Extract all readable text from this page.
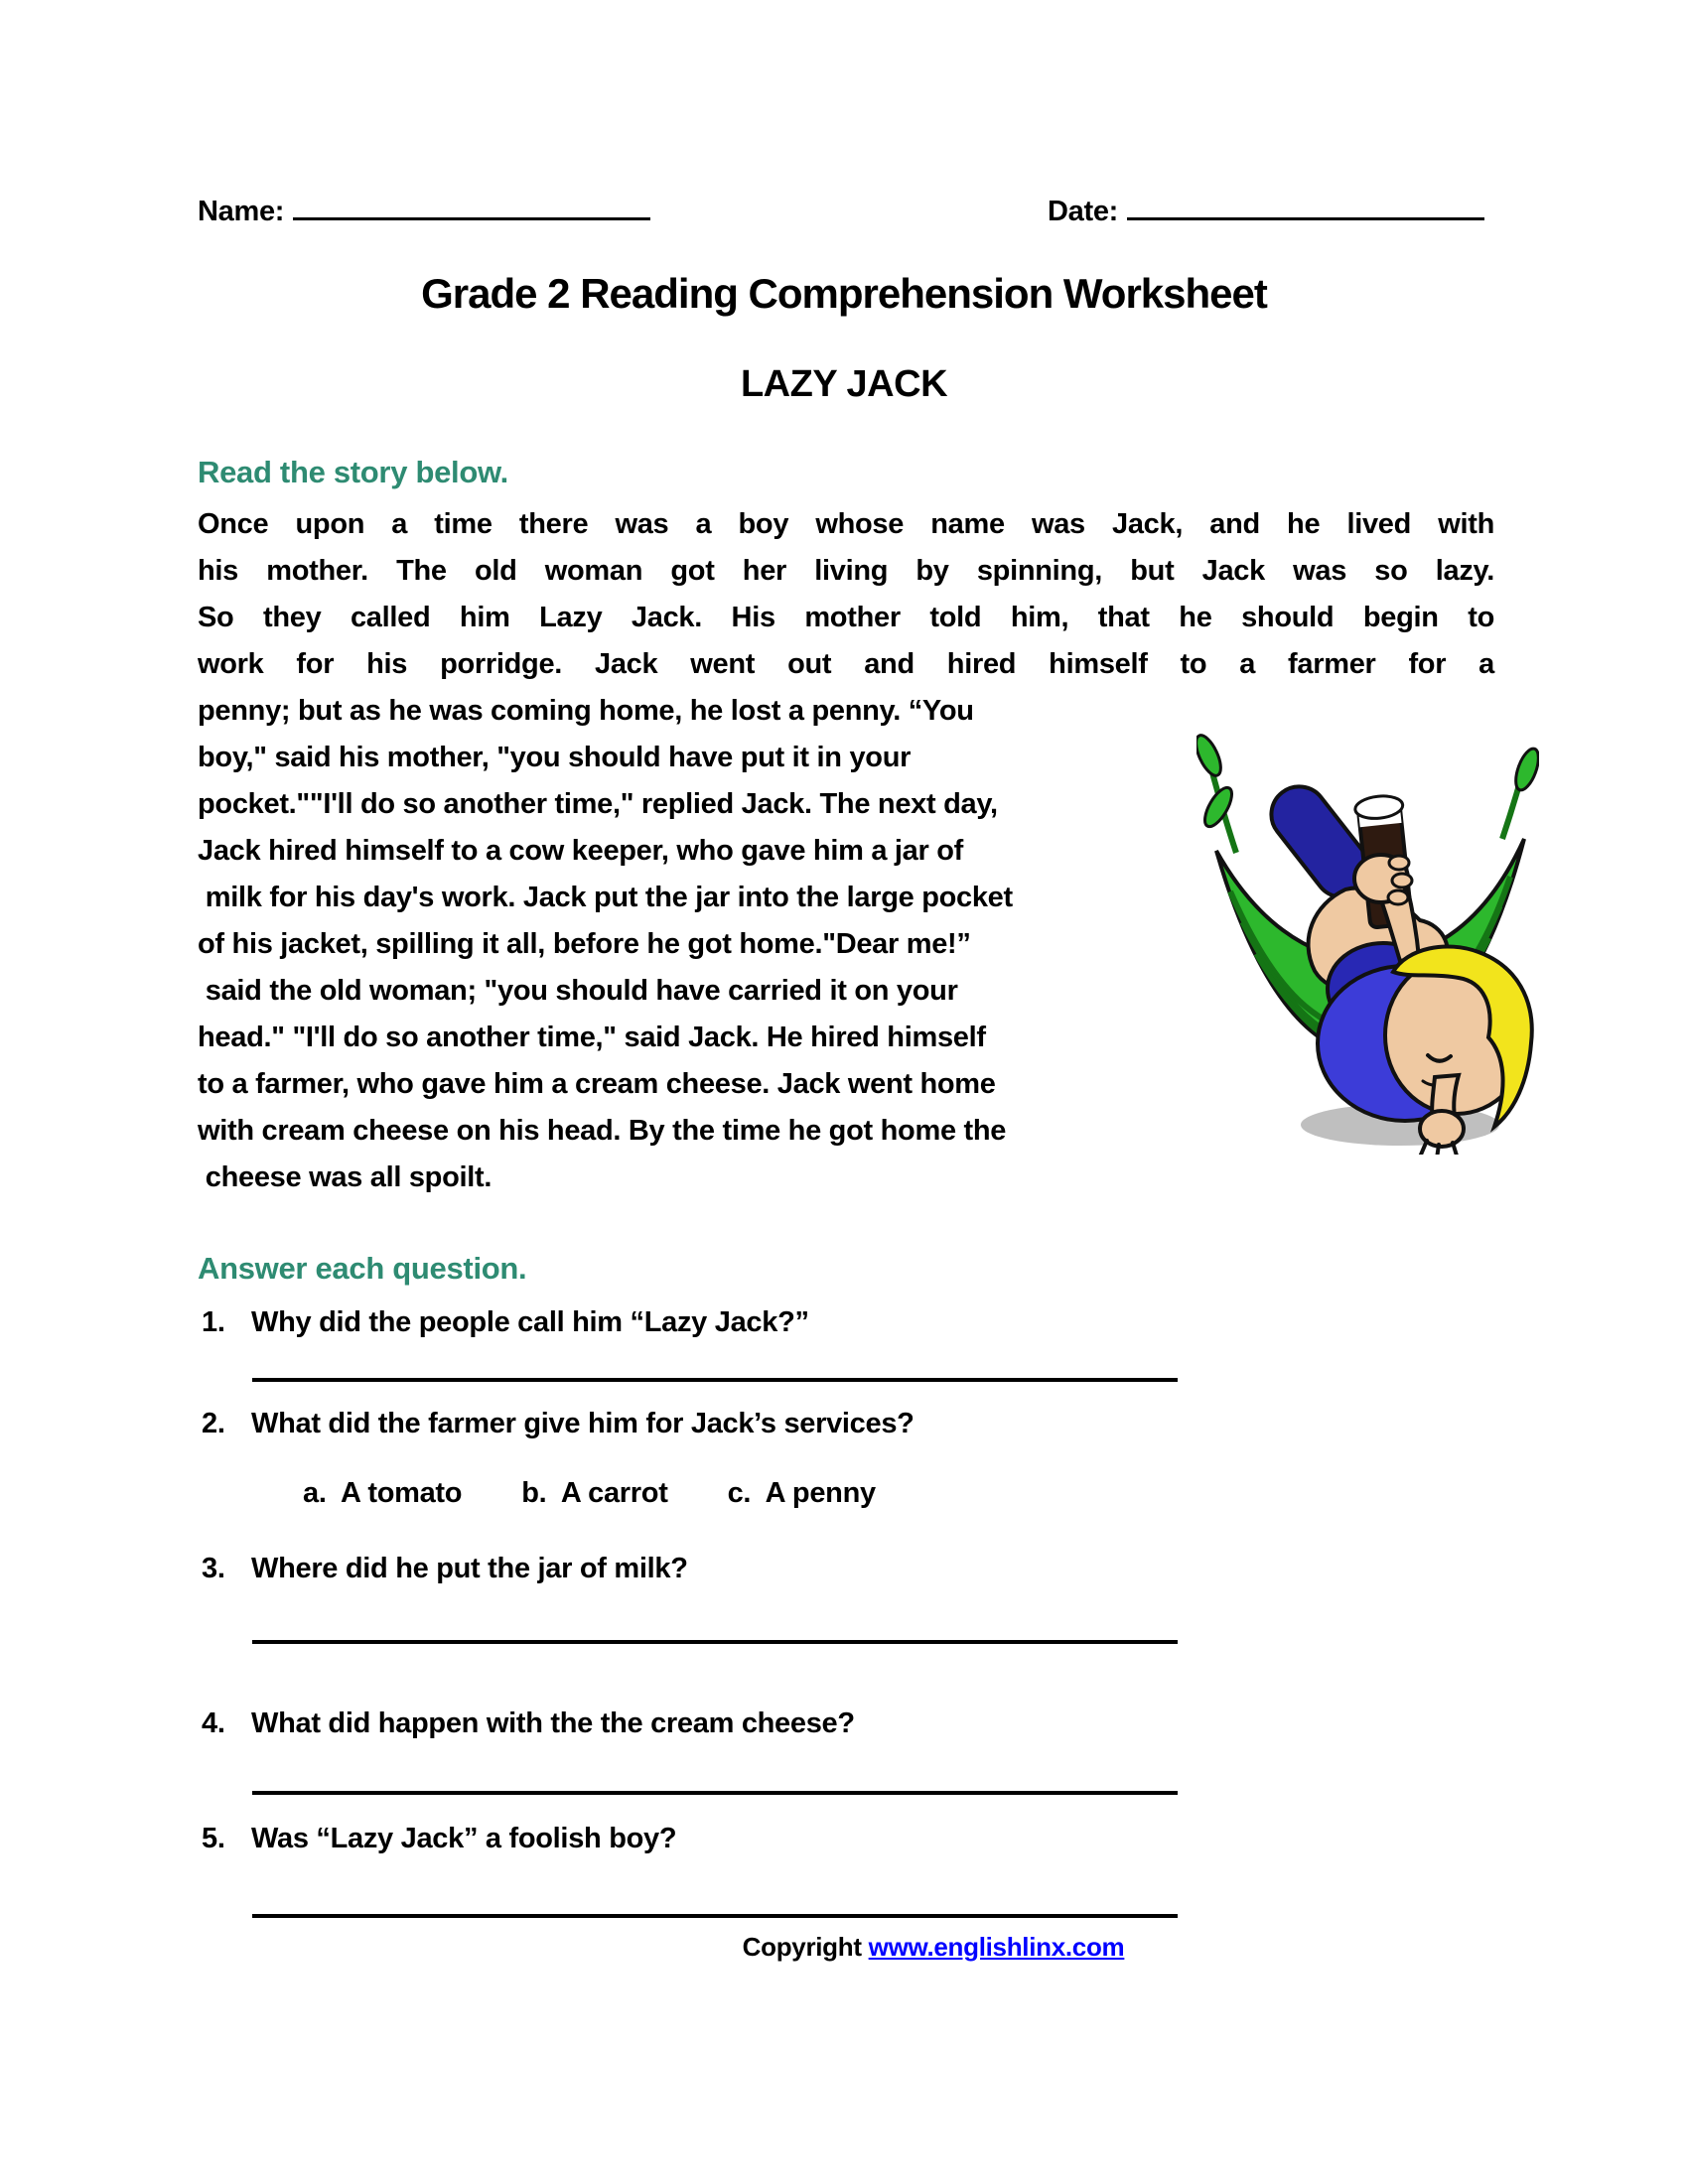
Name:	Date:
Grade 2 Reading Comprehension Worksheet
LAZY JACK
Read the story below.
Once upon a time there was a boy whose name was Jack, and he lived with
his mother. The old woman got her living by spinning, but Jack was so lazy.
So they called him Lazy Jack. His mother told him, that he should begin to
work for his porridge. Jack went out and hired himself to a farmer for a
penny; but as he was coming home, he lost a penny. “You
boy," said his mother, "you should have put it in your
pocket.""I'll do so another time," replied Jack. The next day,
Jack hired himself to a cow keeper, who gave him a jar of
milk for his day's work. Jack put the jar into the large pocket
of his jacket, spilling it all, before he got home."Dear me!”
said the old woman; "you should have carried it on your
head." "I'll do so another time," said Jack. He hired himself
to a farmer, who gave him a cream cheese. Jack went home
with cream cheese on his head. By the time he got home the
cheese was all spoilt.
Answer each question.
1. Why did the people call him “Lazy Jack?”
2. What did the farmer give him for Jack’s services?
a.  A tomato b.  A carrot c.  A penny
3. Where did he put the jar of milk?
4. What did happen with the the cream cheese?
5. Was “Lazy Jack” a foolish boy?
Copyright www.englishlinx.com
